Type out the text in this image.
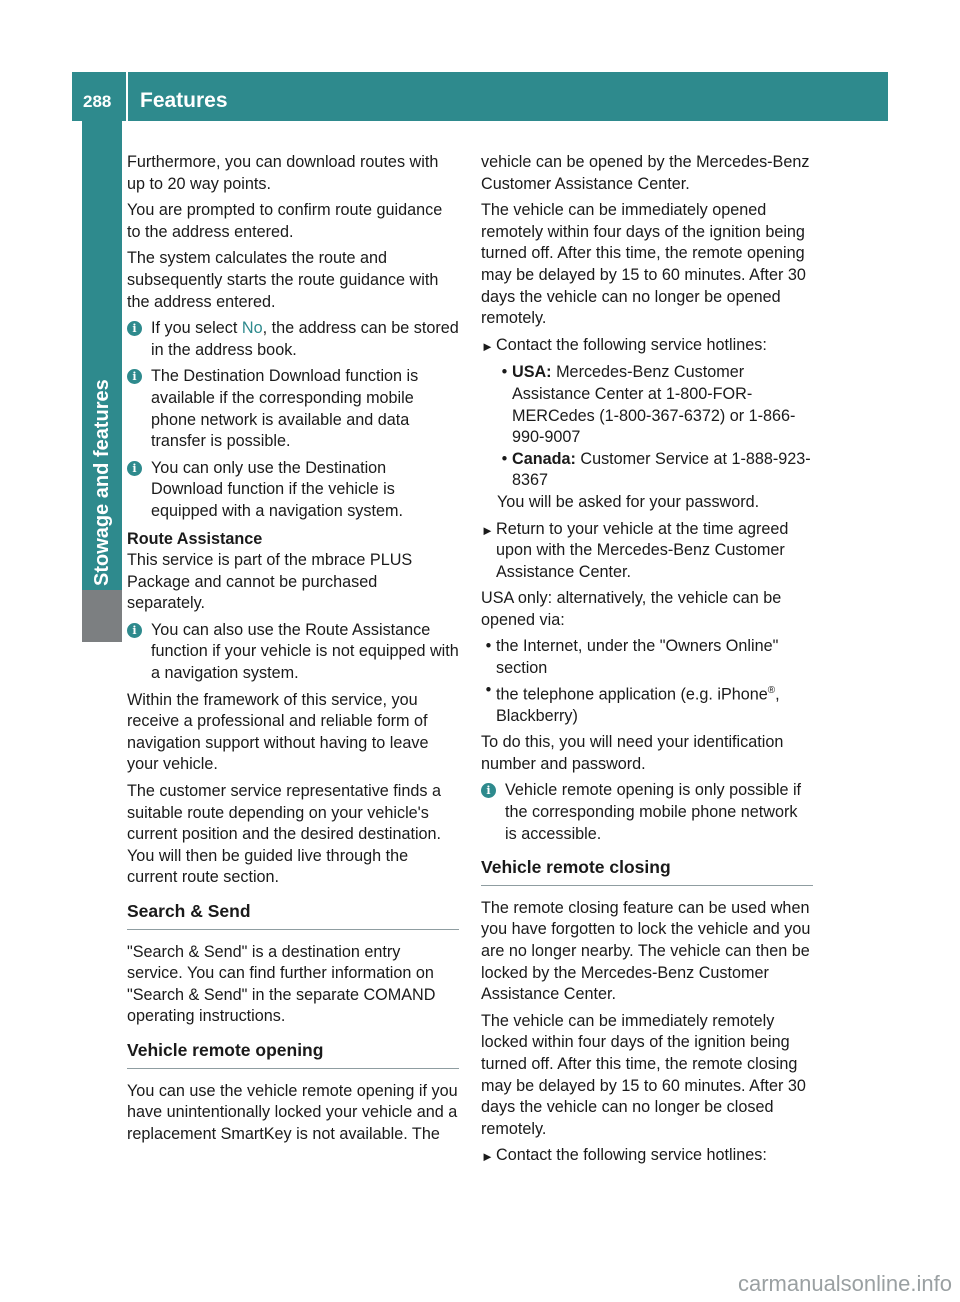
288 Features
Stowage and features

Furthermore, you can download routes with up to 20 way points.

You are prompted to confirm route guidance to the address entered.

The system calculates the route and subsequently starts the route guidance with the address entered.

i If you select No, the address can be stored in the address book.
i The Destination Download function is available if the corresponding mobile phone network is available and data transfer is possible.
i You can only use the Destination Download function if the vehicle is equipped with a navigation system.

Route Assistance

This service is part of the mbrace PLUS Package and cannot be purchased separately.

i You can also use the Route Assistance function if your vehicle is not equipped with a navigation system.

Within the framework of this service, you receive a professional and reliable form of navigation support without having to leave your vehicle.

The customer service representative finds a suitable route depending on your vehicle's current position and the desired destination. You will then be guided live through the current route section.

Search & Send

"Search & Send" is a destination entry service. You can find further information on "Search & Send" in the separate COMAND operating instructions.

Vehicle remote opening

You can use the vehicle remote opening if you have unintentionally locked your vehicle and a replacement SmartKey is not available. The

vehicle can be opened by the Mercedes-Benz Customer Assistance Center.

The vehicle can be immediately opened remotely within four days of the ignition being turned off. After this time, the remote opening may be delayed by 15 to 60 minutes. After 30 days the vehicle can no longer be opened remotely.

► Contact the following service hotlines:
• USA: Mercedes-Benz Customer Assistance Center at 1-800-FOR-MERCedes (1-800-367-6372) or 1-866-990-9007
• Canada: Customer Service at 1-888-923-8367

You will be asked for your password.

► Return to your vehicle at the time agreed upon with the Mercedes-Benz Customer Assistance Center.

USA only: alternatively, the vehicle can be opened via:

• the Internet, under the "Owners Online" section
• the telephone application (e.g. iPhone®, Blackberry)

To do this, you will need your identification number and password.

i Vehicle remote opening is only possible if the corresponding mobile phone network is accessible.
Vehicle remote closing

The remote closing feature can be used when you have forgotten to lock the vehicle and you are no longer nearby. The vehicle can then be locked by the Mercedes-Benz Customer Assistance Center.

The vehicle can be immediately remotely locked within four days of the ignition being turned off. After this time, the remote closing may be delayed by 15 to 60 minutes. After 30 days the vehicle can no longer be closed remotely.

► Contact the following service hotlines:
carmanualsonline.info
